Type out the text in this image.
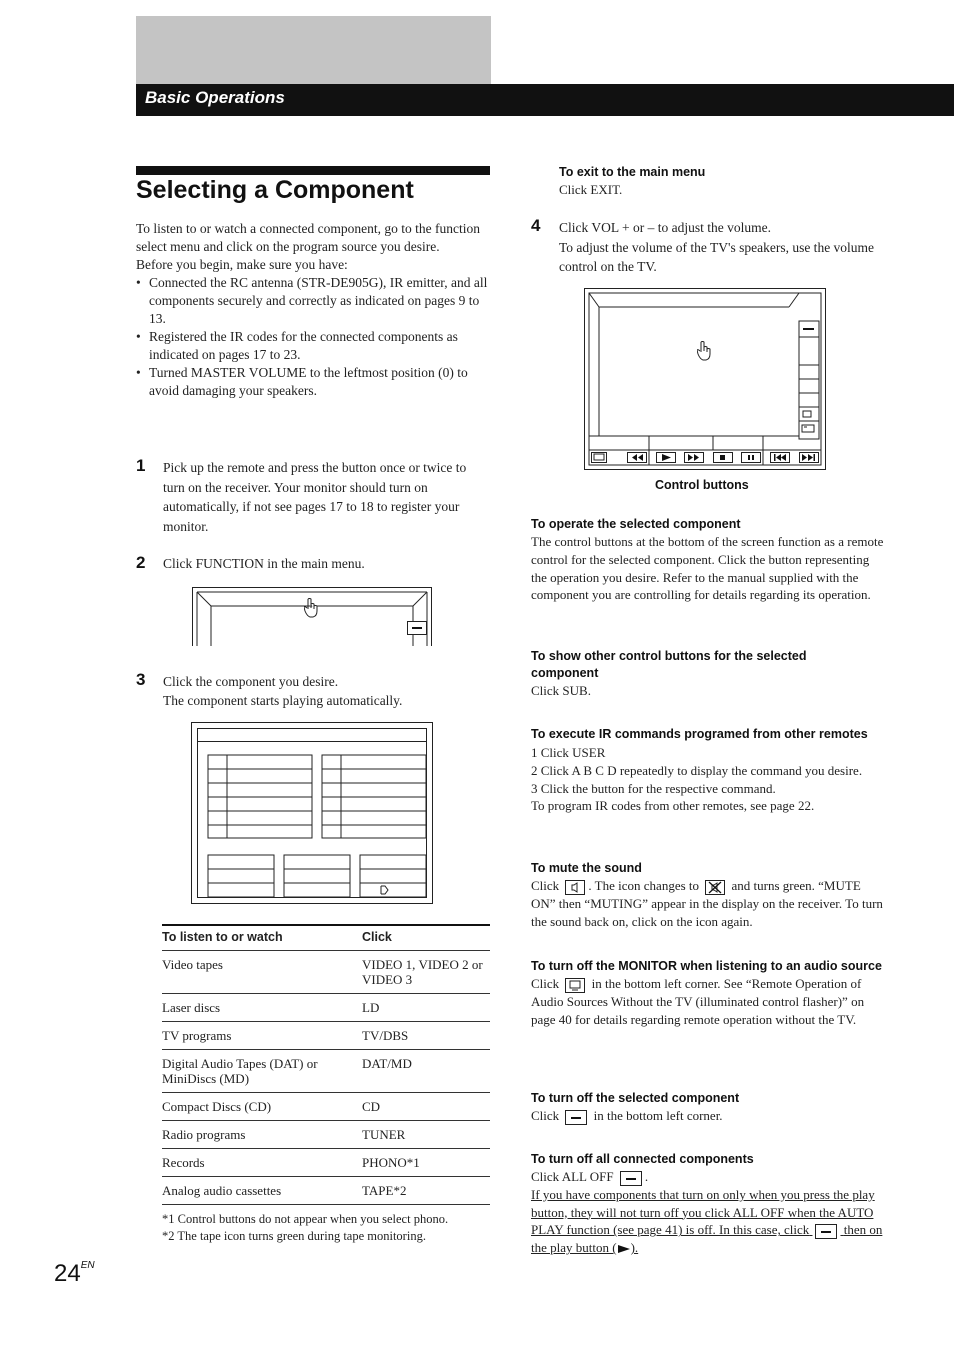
Basic Operations
Selecting a Component
To listen to or watch a connected component, go to the function select menu and click on the program source you desire.
Before you begin, make sure you have:
• Connected the RC antenna (STR-DE905G), IR emitter, and all components securely and correctly as indicated on pages 9 to 13.
• Registered the IR codes for the connected components as indicated on pages 17 to 23.
• Turned MASTER VOLUME to the leftmost position (0) to avoid damaging your speakers.
1 Pick up the remote and press the button once or twice to turn on the receiver. Your monitor should turn on automatically, if not see pages 17 to 18 to register your monitor.
2 Click FUNCTION in the main menu.
3 Click the component you desire.
The component starts playing automatically.
To listen to or watch	Click
Video tapes	VIDEO 1, VIDEO 2 or VIDEO 3
Laser discs	LD
TV programs	TV/DBS
Digital Audio Tapes (DAT) or MiniDiscs (MD)	DAT/MD
Compact Discs (CD)	CD
Radio programs	TUNER
Records	PHONO*1
Analog audio cassettes	TAPE*2
*1 Control buttons do not appear when you select phono.
*2 The tape icon turns green during tape monitoring.
$24^{EN}$
To exit to the main menu
Click EXIT.
4 Click VOL + or – to adjust the volume.
To adjust the volume of the TV's speakers, use the volume control on the TV.
Control buttons
To operate the selected component
The control buttons at the bottom of the screen function as a remote control for the selected component. Click the button representing the operation you desire. Refer to the manual supplied with the component you are controlling for details regarding its operation.
To show other control buttons for the selected component
Click SUB.
To execute IR commands programed from other remotes
1 Click USER
2 Click A B C D repeatedly to display the command you desire.
3 Click the button for the respective command.
To program IR codes from other remotes, see page 22.
To mute the sound
Click . The icon changes to	and turns green. “MUTE ON” then “MUTING” appear in the display on the receiver. To turn the sound back on, click on the icon again.
To turn off the MONITOR when listening to an audio source
Click	in the bottom left corner. See “Remote Operation of Audio Sources Without the TV (illuminated control flasher)” on page 40 for details regarding remote operation without the TV.
To turn off the selected component
Click	in the bottom left corner.
To turn off all connected components
Click ALL OFF .
If you have components that turn on only when you press the play button, they will not turn off you click ALL OFF when the AUTO PLAY function (see page 41) is off. In this case, click	then on the play button ( ).
